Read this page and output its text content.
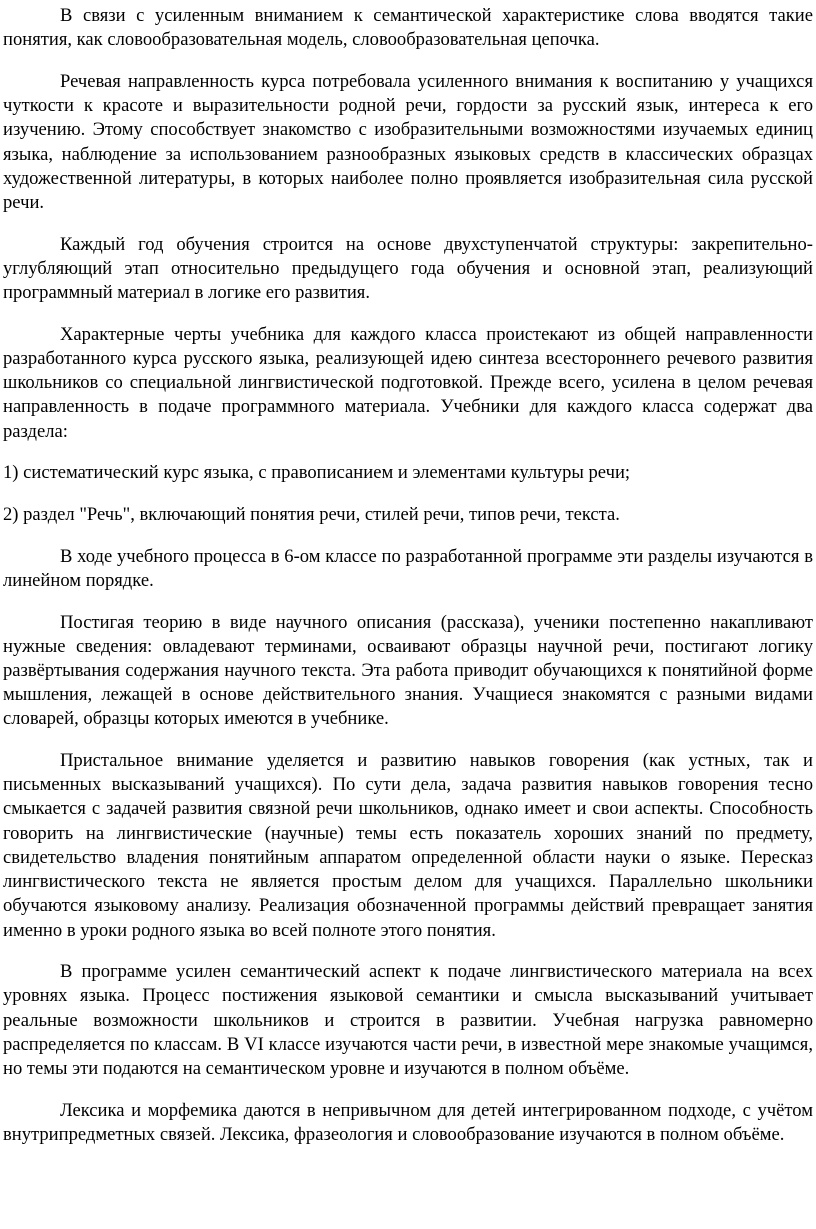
В связи с усиленным вниманием к семантической характеристике слова вводятся такие понятия, как словообразовательная модель, словообразовательная цепочка.

Речевая направленность курса потребовала усиленного внимания к воспитанию у учащихся чуткости к красоте и выразительности родной речи, гордости за русский язык, интереса к его изучению. Этому способствует знакомство с изобразительными возможностями изучаемых единиц языка, наблюдение за использованием разнообразных языковых средств в классических образцах художественной литературы, в которых наиболее полно проявляется изобразительная сила русской речи.

Каждый год обучения строится на основе двухступенчатой структуры: закрепительно-углубляющий этап относительно предыдущего года обучения и основной этап, реализующий программный материал в логике его развития.

Характерные черты учебника для каждого класса проистекают из общей направленности разработанного курса русского языка, реализующей идею синтеза всестороннего речевого развития школьников со специальной лингвистической подготовкой. Прежде всего, усилена в целом речевая направленность в подаче программного материала. Учебники для каждого класса содержат два раздела:

1) систематический курс языка, с правописанием и элементами культуры речи;

2) раздел "Речь", включающий понятия речи, стилей речи, типов речи, текста.

В ходе учебного процесса в 6-ом классе по разработанной программе эти разделы изучаются в линейном порядке.

Постигая теорию в виде научного описания (рассказа), ученики постепенно накапливают нужные сведения: овладевают терминами, осваивают образцы научной речи, постигают логику развёртывания содержания научного текста. Эта работа приводит обучающихся к понятийной форме мышления, лежащей в основе действительного знания. Учащиеся знакомятся с разными видами словарей, образцы которых имеются в учебнике.

Пристальное внимание уделяется и развитию навыков говорения (как устных, так и письменных высказываний учащихся). По сути дела, задача развития навыков говорения тесно смыкается с задачей развития связной речи школьников, однако имеет и свои аспекты. Способность говорить на лингвистические (научные) темы есть показатель хороших знаний по предмету, свидетельство владения понятийным аппаратом определенной области науки о языке. Пересказ лингвистического текста не является простым делом для учащихся. Параллельно школьники обучаются языковому анализу. Реализация обозначенной программы действий превращает занятия именно в уроки родного языка во всей полноте этого понятия.

В программе усилен семантический аспект к подаче лингвистического материала на всех уровнях языка. Процесс постижения языковой семантики и смысла высказываний учитывает реальные возможности школьников и строится в развитии. Учебная нагрузка равномерно распределяется по классам. В VI классе изучаются части речи, в известной мере знакомые учащимся, но темы эти подаются на семантическом уровне и изучаются в полном объёме.

Лексика и морфемика даются в непривычном для детей интегрированном подходе, с учётом внутрипредметных связей. Лексика, фразеология и словообразование изучаются в полном объёме.
